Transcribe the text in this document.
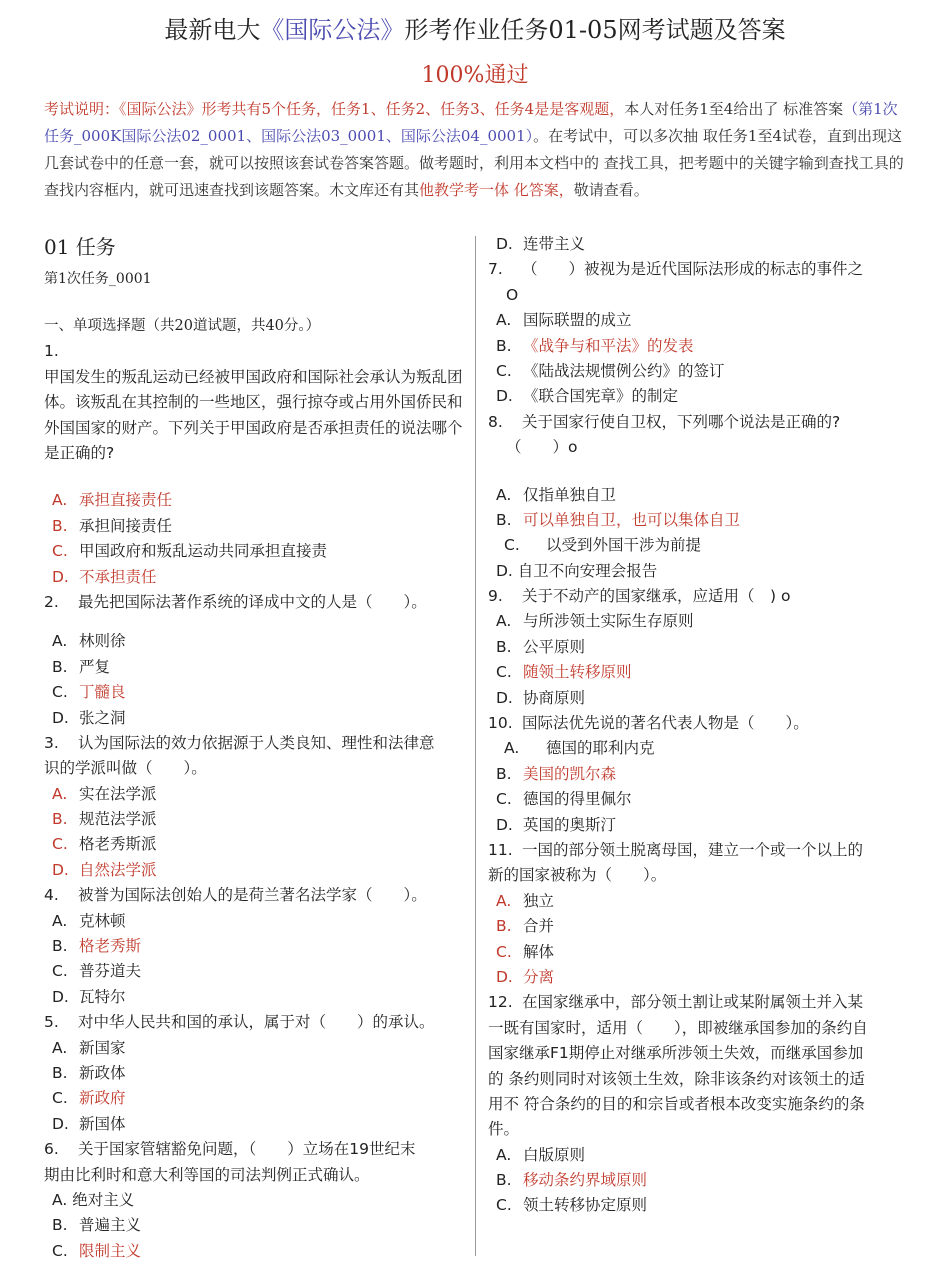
最新电大《国际公法》形考作业任务01-05网考试题及答案
100%通过
考试说明：《国际公法》形考共有5个任务，任务1、任务2、任务3、任务4是是客观题，本人对任务1至4给出了 标准答案（第1次任务_000K国际公法02_0001、国际公法03_0001、国际公法04_0001）。在考试中，可以多次抽 取任务1至4试卷，直到出现这几套试卷中的任意一套，就可以按照该套试卷答案答题。做考题时，利用本文档中的 查找工具，把考题中的关键字输到查找工具的查找内容框内，就可迅速查找到该题答案。木文库还有其他教学考一体 化答案，敬请查看。
01 任务
第1次任务_0001
一、单项选择题（共20道试题，共40分。）
1.
甲国发生的叛乱运动已经被甲国政府和国际社会承认为叛乱团体。该叛乱在其控制的一些地区，强行掠夺或占用外国侨民和外国国家的财产。下列关于甲国政府是否承担责任的说法哪个是正确的?
A. 承担直接责任
B. 承担间接责任
C. 甲国政府和叛乱运动共同承担直接责
D. 不承担责任
2. 最先把国际法著作系统的译成中文的人是（　　）。
A. 林则徐
B. 严复
C. 丁髓良
D. 张之洞
3. 认为国际法的效力依据源于人类良知、理性和法律意
识的学派叫做（　　）。
A. 实在法学派
B. 规范法学派
C. 格老秀斯派
D. 自然法学派
4. 被誉为国际法创始人的是荷兰著名法学家（　　）。
A. 克林顿
B. 格老秀斯
C. 普芬道夫
D. 瓦特尔
5. 对中华人民共和国的承认，属于对（　　）的承认。
A. 新国家
B. 新政体
C. 新政府
D. 新国体
6. 关于国家管辖豁免问题，（　　）立场在19世纪末
期由比利时和意大利等国的司法判例正式确认。
A. 绝对主义
B. 普遍主义
C. 限制主义
D. 连带主义
7. （　　）被视为是近代国际法形成的标志的事件之
O
A. 国际联盟的成立
B. 《战争与和平法》的发表
C. 《陆战法规惯例公约》的签订
D. 《联合国宪章》的制定
8. 关于国家行使自卫权，下列哪个说法是正确的?
（　　）o
A. 仅指单独自卫
B. 可以单独自卫，也可以集体自卫
C. 以受到外国干涉为前提
D. 自卫不向安理会报告
9. 关于不动产的国家继承，应适用（　) o
A. 与所涉领土实际生存原则
B. 公平原则
C. 随领土转移原则
D. 协商原则
10. 国际法优先说的著名代表人物是（　　）。
A. 德国的耶利内克
B. 美国的凯尔森
C. 德国的得里佩尔
D. 英国的奥斯汀
11. 一国的部分领土脱离母国，建立一个或一个以上的
新的国家被称为（　　）。
A. 独立
B. 合并
C. 解体
D. 分离
12. 在国家继承中，部分领土割让或某附属领土并入某
一既有国家时，适用（　　），即被继承国参加的条约自
国家继承F1期停止对继承所涉领土失效，而继承国参加
的 条约则同时对该领土生效，除非该条约对该领土的适
用不 符合条约的目的和宗旨或者根本改变实施条约的条
件。
A. 白版原则
B. 移动条约界域原则
C. 领土转移协定原则
